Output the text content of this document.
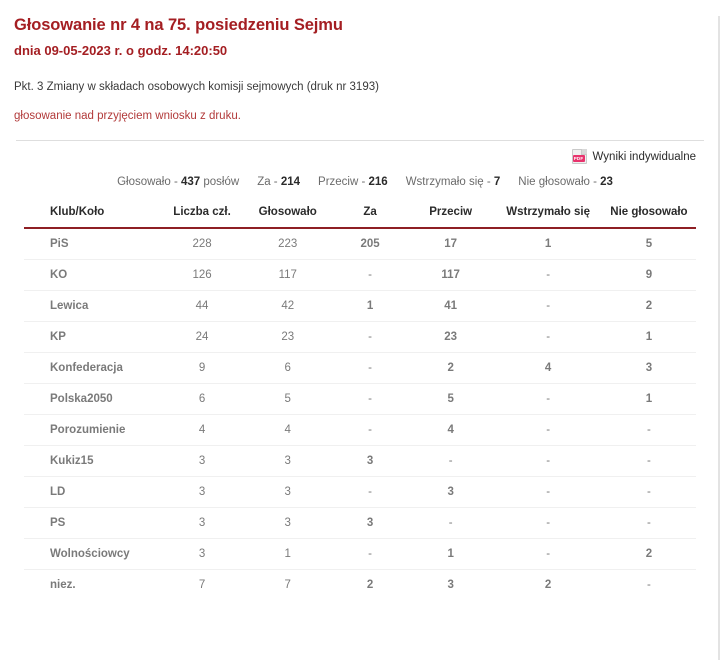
Głosowanie nr 4 na 75. posiedzeniu Sejmu
dnia 09-05-2023 r. o godz. 14:20:50
Pkt. 3 Zmiany w składach osobowych komisji sejmowych (druk nr 3193)
głosowanie nad przyjęciem wniosku z druku.
PDF Wyniki indywidualne
Głosowało - 437 posłów Za - 214 Przeciw - 216 Wstrzymało się - 7 Nie głosowało - 23
Klub/Koło	Liczba czł.	Głosowało	Za	Przeciw	Wstrzymało się	Nie głosowało
PiS	228	223	205	17	1	5
KO	126	117	-	117	-	9
Lewica	44	42	1	41	-	2
KP	24	23	-	23	-	1
Konfederacja	9	6	-	2	4	3
Polska2050	6	5	-	5	-	1
Porozumienie	4	4	-	4	-	-
Kukiz15	3	3	3	-	-	-
LD	3	3	-	3	-	-
PS	3	3	3	-	-	-
Wolnościowcy	3	1	-	1	-	2
niez.	7	7	2	3	2	-
